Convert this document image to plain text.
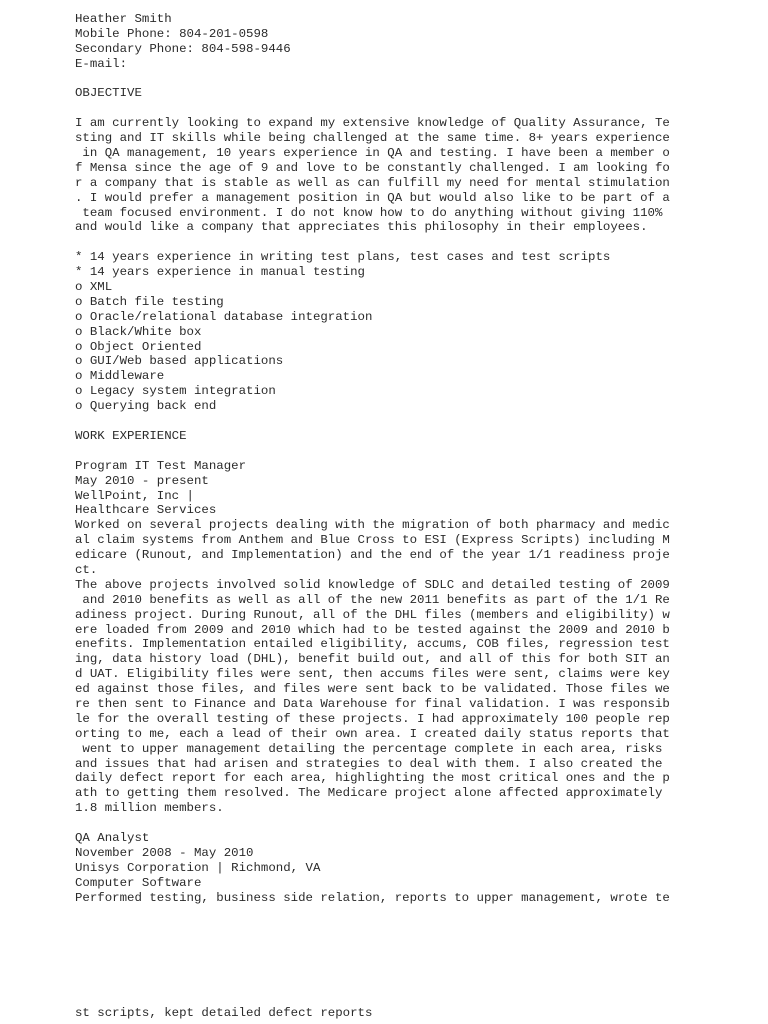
Heather Smith
Mobile Phone: 804-201-0598
Secondary Phone: 804-598-9446
E-mail:
OBJECTIVE
I am currently looking to expand my extensive knowledge of Quality Assurance, Te
sting and IT skills while being challenged at the same time. 8+ years experience
in QA management, 10 years experience in QA and testing. I have been a member o
f Mensa since the age of 9 and love to be constantly challenged. I am looking fo
r a company that is stable as well as can fulfill my need for mental stimulation
. I would prefer a management position in QA but would also like to be part of a
team focused environment. I do not know how to do anything without giving 110%
and would like a company that appreciates this philosophy in their employees.
* 14 years experience in writing test plans, test cases and test scripts
* 14 years experience in manual testing
o XML
o Batch file testing
o Oracle/relational database integration
o Black/White box
o Object Oriented
o GUI/Web based applications
o Middleware
o Legacy system integration
o Querying back end
WORK EXPERIENCE
Program IT Test Manager
May 2010 - present
WellPoint, Inc |
Healthcare Services
Worked on several projects dealing with the migration of both pharmacy and medic
al claim systems from Anthem and Blue Cross to ESI (Express Scripts) including M
edicare (Runout, and Implementation) and the end of the year 1/1 readiness proje
ct.
The above projects involved solid knowledge of SDLC and detailed testing of 2009
and 2010 benefits as well as all of the new 2011 benefits as part of the 1/1 Re
adiness project. During Runout, all of the DHL files (members and eligibility) w
ere loaded from 2009 and 2010 which had to be tested against the 2009 and 2010 b
enefits. Implementation entailed eligibility, accums, COB files, regression test
ing, data history load (DHL), benefit build out, and all of this for both SIT an
d UAT. Eligibility files were sent, then accums files were sent, claims were key
ed against those files, and files were sent back to be validated. Those files we
re then sent to Finance and Data Warehouse for final validation. I was responsib
le for the overall testing of these projects. I had approximately 100 people rep
orting to me, each a lead of their own area. I created daily status reports that
went to upper management detailing the percentage complete in each area, risks
and issues that had arisen and strategies to deal with them. I also created the
daily defect report for each area, highlighting the most critical ones and the p
ath to getting them resolved. The Medicare project alone affected approximately
1.8 million members.
QA Analyst
November 2008 - May 2010
Unisys Corporation | Richmond, VA
Computer Software
Performed testing, business side relation, reports to upper management, wrote te
st scripts, kept detailed defect reports
